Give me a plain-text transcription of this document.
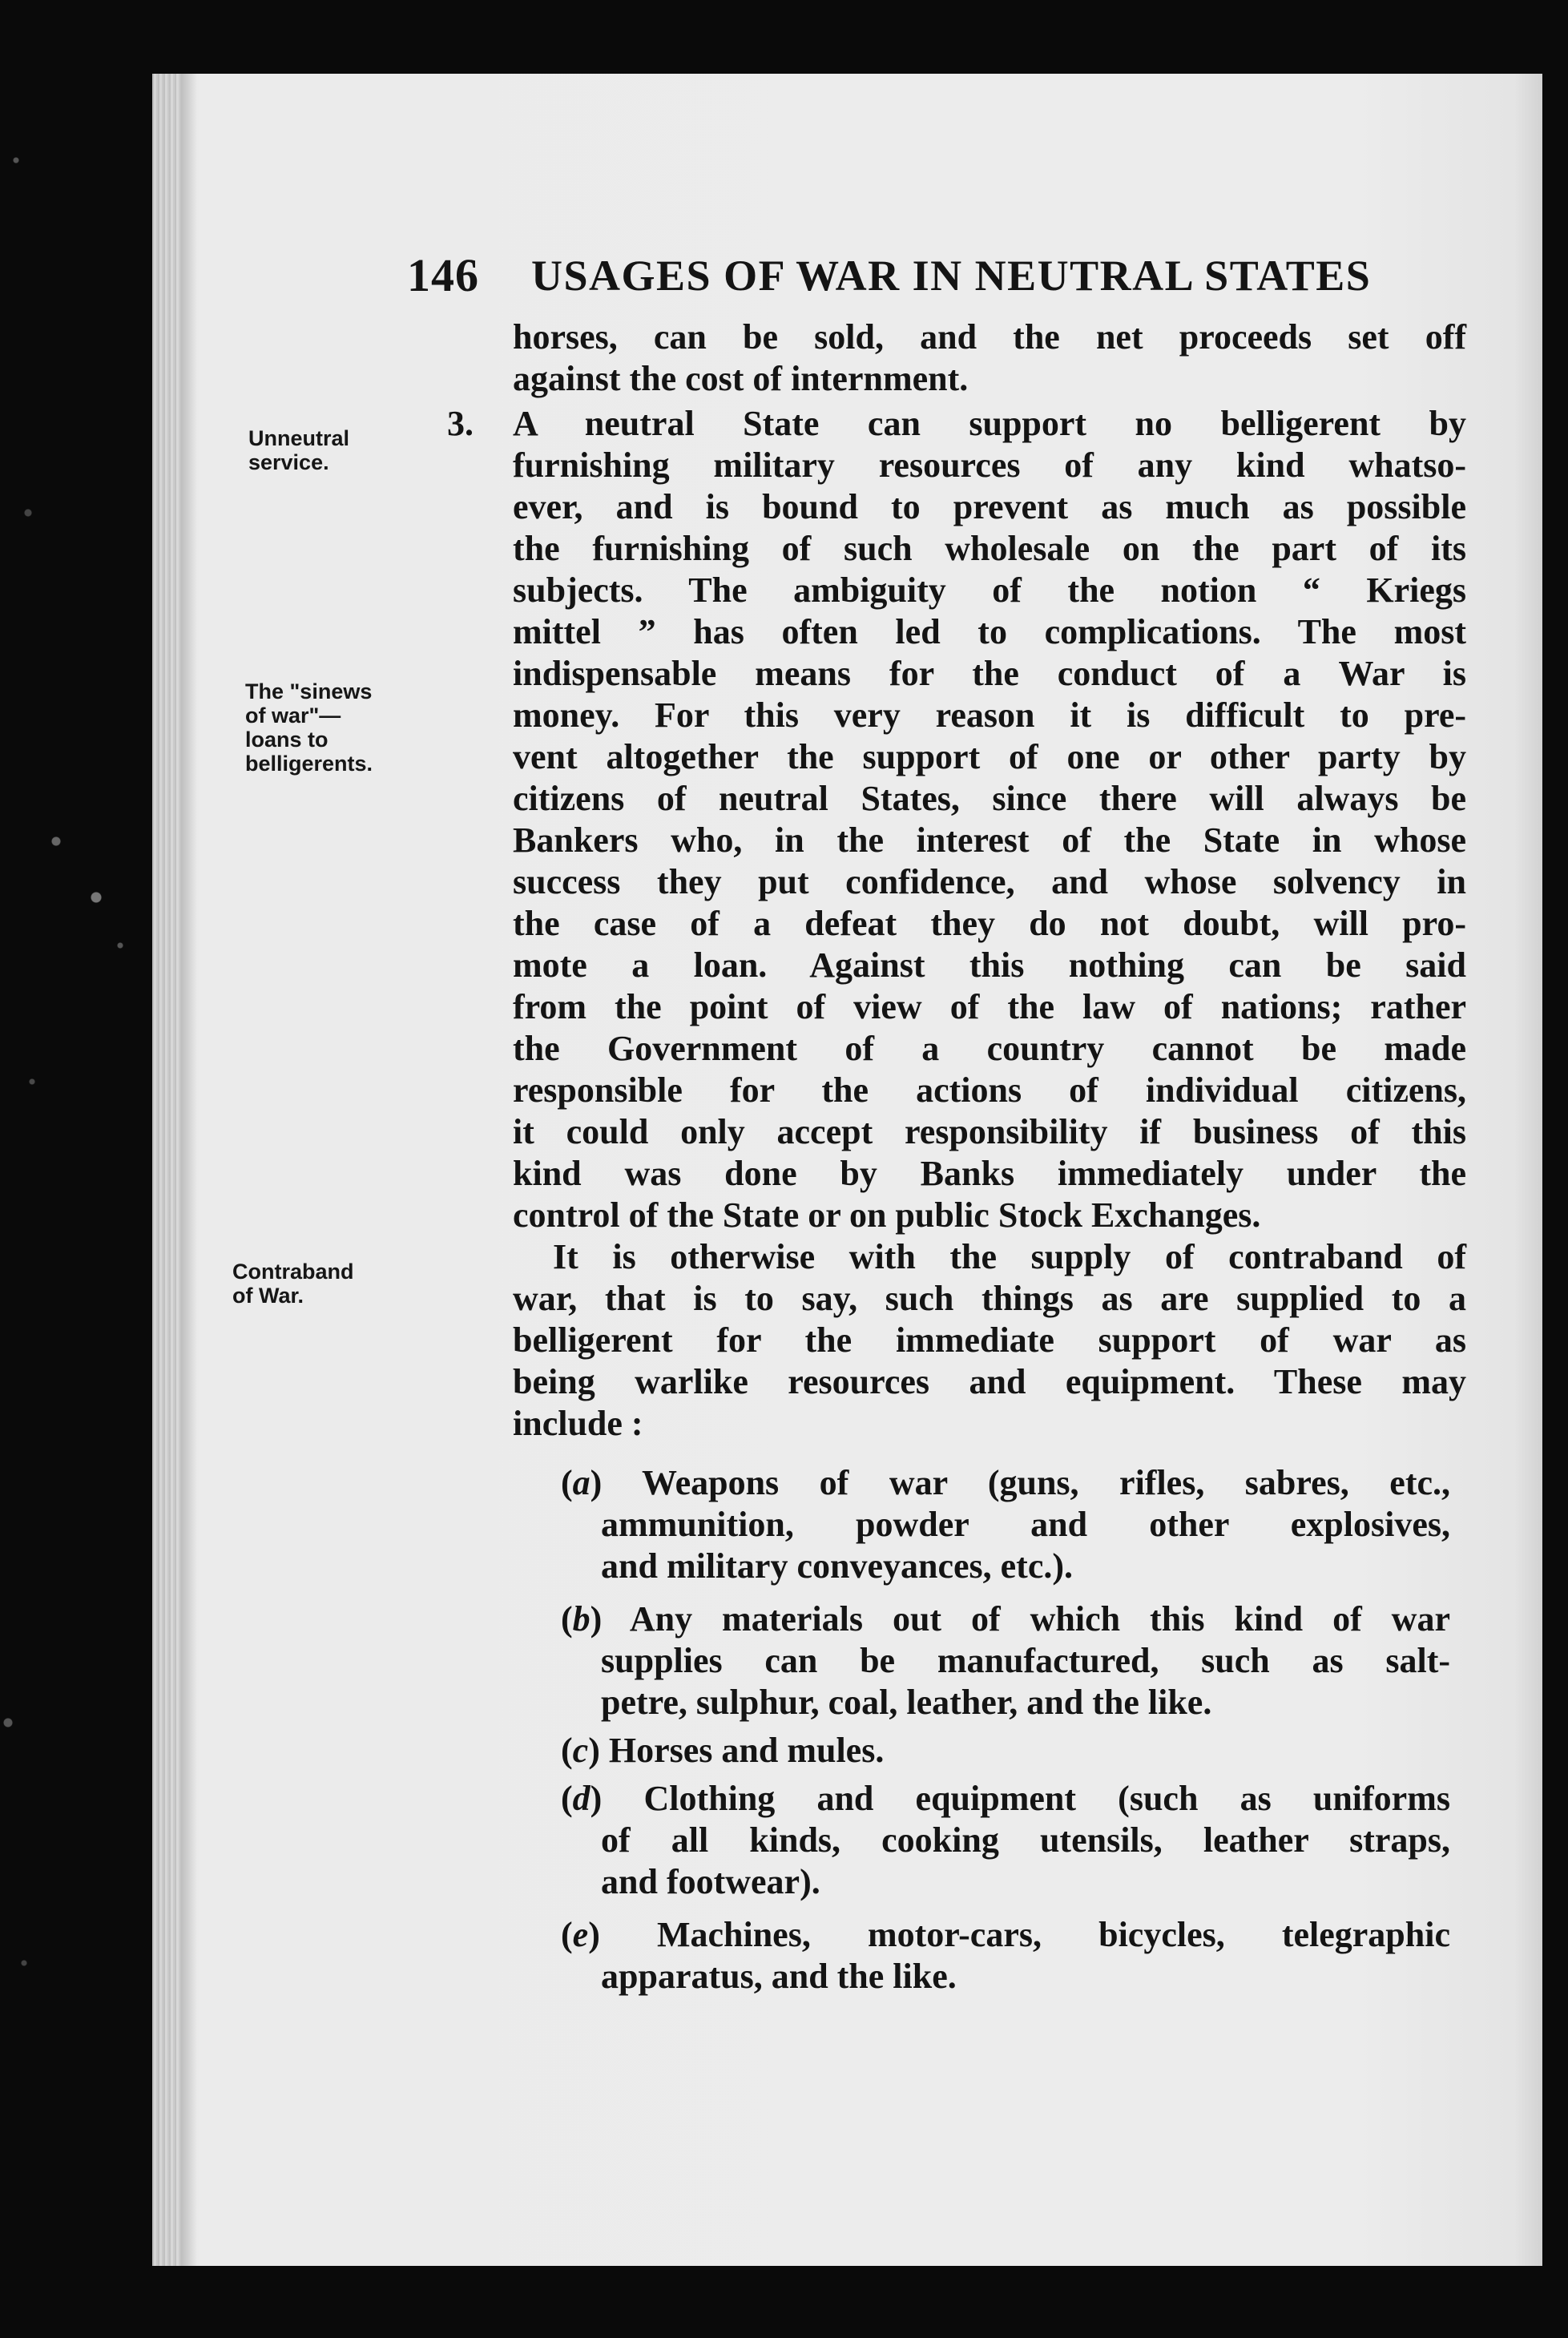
146 USAGES OF WAR IN NEUTRAL STATES
Unneutral
service.
The "sinews
of war"—
loans to
belligerents.
Contraband
of War.
horses, can be sold, and the net proceeds set off
against the cost of internment.
3. A neutral State can support no belligerent by
furnishing military resources of any kind whatso-
ever, and is bound to prevent as much as possible
the furnishing of such wholesale on the part of its
subjects. The ambiguity of the notion “ Kriegs
mittel ” has often led to complications. The most
indispensable means for the conduct of a War is
money. For this very reason it is difficult to pre-
vent altogether the support of one or other party by
citizens of neutral States, since there will always be
Bankers who, in the interest of the State in whose
success they put confidence, and whose solvency in
the case of a defeat they do not doubt, will pro-
mote a loan. Against this nothing can be said
from the point of view of the law of nations; rather
the Government of a country cannot be made
responsible for the actions of individual citizens,
it could only accept responsibility if business of this
kind was done by Banks immediately under the
control of the State or on public Stock Exchanges.
It is otherwise with the supply of contraband of
war, that is to say, such things as are supplied to a
belligerent for the immediate support of war as
being warlike resources and equipment. These may
include :
(a) Weapons of war (guns, rifles, sabres, etc.,
ammunition, powder and other explosives,
and military conveyances, etc.).
(b) Any materials out of which this kind of war
supplies can be manufactured, such as salt-
petre, sulphur, coal, leather, and the like.
(c) Horses and mules.
(d) Clothing and equipment (such as uniforms
of all kinds, cooking utensils, leather straps,
and footwear).
(e) Machines, motor-cars, bicycles, telegraphic
apparatus, and the like.
